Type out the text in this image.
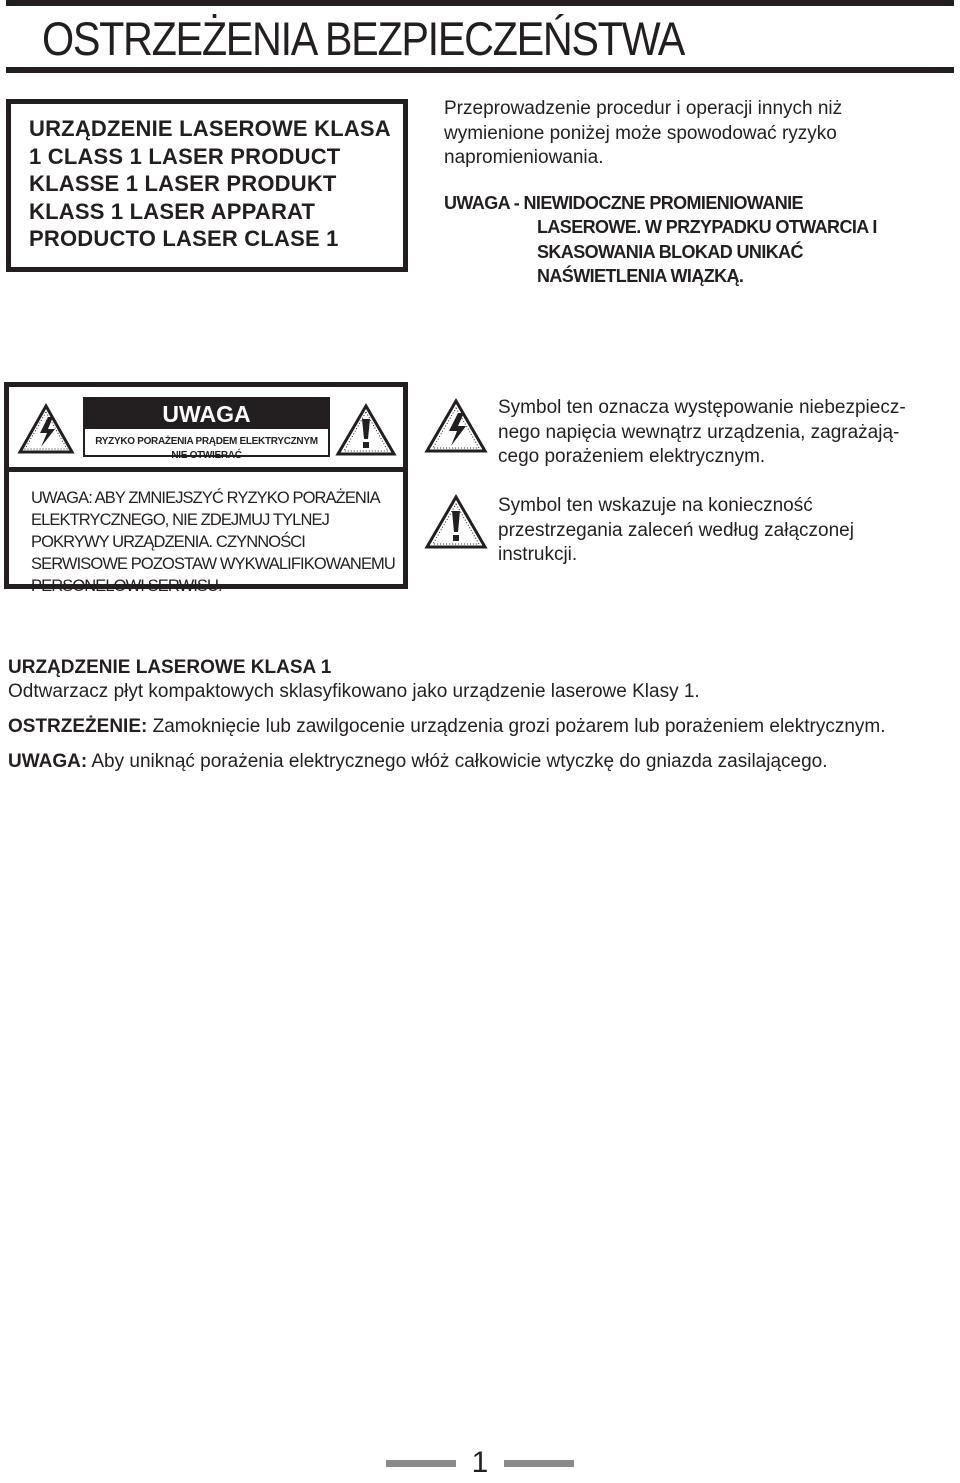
OSTRZEŻENIA BEZPIECZEŃSTWA
URZĄDZENIE LASEROWE KLASA
1 CLASS 1 LASER PRODUCT
KLASSE 1 LASER PRODUKT
KLASS 1 LASER APPARAT
PRODUCTO LASER CLASE 1
Przeprowadzenie procedur i operacji innych niż wymienione poniżej może spowodować ryzyko napromieniowania.
UWAGA - NIEWIDOCZNE PROMIENIOWANIE
LASEROWE. W PRZYPADKU OTWARCIA I
SKASOWANIA BLOKAD UNIKAĆ
NAŚWIETLENIA WIĄZKĄ.
UWAGA
RYZYKO PORAŻENIA PRĄDEM ELEKTRYCZNYM
NIE OTWIERAĆ
UWAGA: ABY ZMNIEJSZYĆ RYZYKO PORAŻENIA ELEKTRYCZNEGO, NIE ZDEJMUJ TYLNEJ POKRYWY URZĄDZENIA. CZYNNOŚCI SERWISOWE POZOSTAW WYKWALIFIKOWANEMU PERSONELOWI SERWISU.
Symbol ten oznacza występowanie niebezpiecz-nego napięcia wewnątrz urządzenia, zagrażają-cego porażeniem elektrycznym.
Symbol ten wskazuje na konieczność przestrzegania zaleceń według załączonej instrukcji.
URZĄDZENIE LASEROWE KLASA 1
Odtwarzacz płyt kompaktowych sklasyfikowano jako urządzenie laserowe Klasy 1.
OSTRZEŻENIE: Zamoknięcie lub zawilgocenie urządzenia grozi pożarem lub porażeniem elektrycznym.
UWAGA: Aby uniknąć porażenia elektrycznego włóż całkowicie wtyczkę do gniazda zasilającego.
1
